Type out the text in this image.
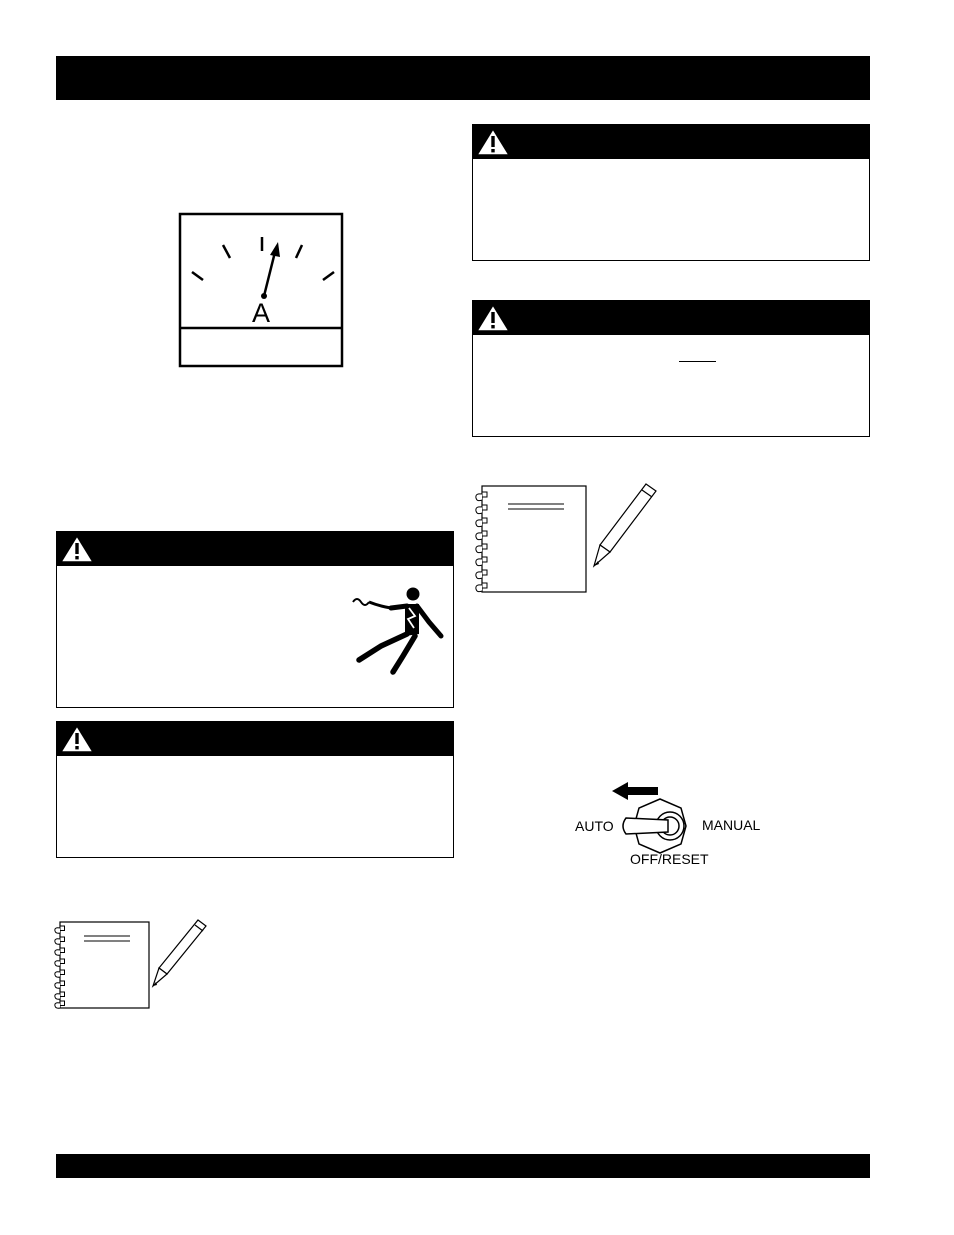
A
AUTO	MANUAL
OFF/RESET
